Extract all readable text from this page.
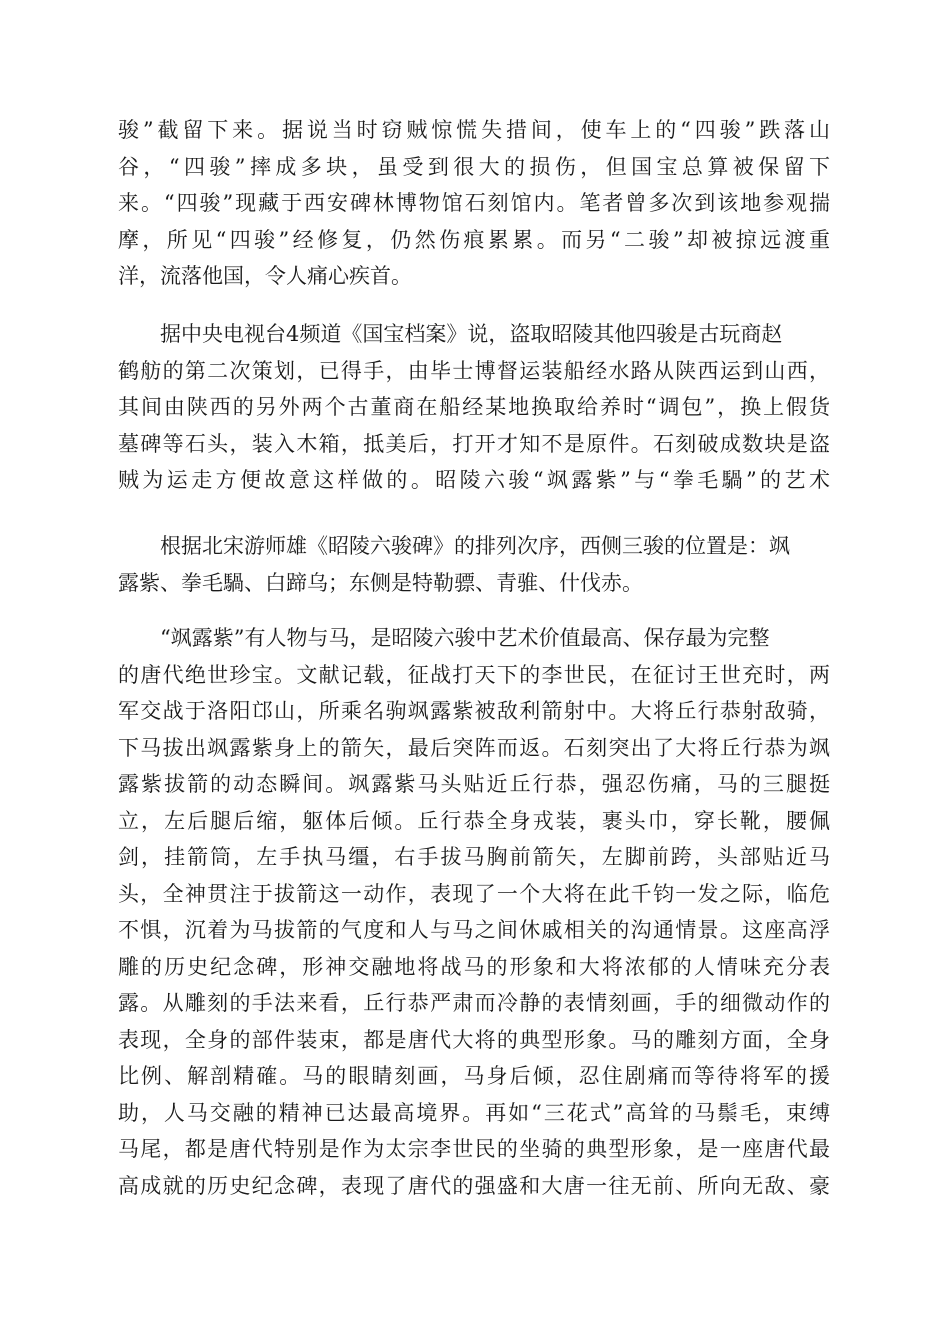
骏”截留下来。据说当时窃贼惊慌失措间，使车上的“四骏”跌落山
谷，“四骏”摔成多块，虽受到很大的损伤，但国宝总算被保留下
来。“四骏”现藏于西安碑林博物馆石刻馆内。笔者曾多次到该地参观揣
摩，所见“四骏”经修复，仍然伤痕累累。而另“二骏”却被掠远渡重
洋，流落他国，令人痛心疾首。
据中央电视台4频道《国宝档案》说，盗取昭陵其他四骏是古玩商赵
鹤舫的第二次策划，已得手，由毕士博督运装船经水路从陕西运到山西，
其间由陕西的另外两个古董商在船经某地换取给养时“调包”，换上假货
墓碑等石头，装入木箱，抵美后，打开才知不是原件。石刻破成数块是盗
贼为运走方便故意这样做的。昭陵六骏“飒露紫”与“拳毛騧”的艺术
根据北宋游师雄《昭陵六骏碑》的排列次序，西侧三骏的位置是：飒
露紫、拳毛騧、白蹄乌；东侧是特勒骠、青骓、什伐赤。
“飒露紫”有人物与马，是昭陵六骏中艺术价值最高、保存最为完整
的唐代绝世珍宝。文献记载，征战打天下的李世民，在征讨王世充时，两
军交战于洛阳邙山，所乘名驹飒露紫被敌利箭射中。大将丘行恭射敌骑，
下马拔出飒露紫身上的箭矢，最后突阵而返。石刻突出了大将丘行恭为飒
露紫拔箭的动态瞬间。飒露紫马头贴近丘行恭，强忍伤痛，马的三腿挺
立，左后腿后缩，躯体后倾。丘行恭全身戎装，裹头巾，穿长靴，腰佩
剑，挂箭筒，左手执马缰，右手拔马胸前箭矢，左脚前跨，头部贴近马
头，全神贯注于拔箭这一动作，表现了一个大将在此千钧一发之际，临危
不惧，沉着为马拔箭的气度和人与马之间休戚相关的沟通情景。这座高浮
雕的历史纪念碑，形神交融地将战马的形象和大将浓郁的人情味充分表
露。从雕刻的手法来看，丘行恭严肃而冷静的表情刻画，手的细微动作的
表现，全身的部件装束，都是唐代大将的典型形象。马的雕刻方面，全身
比例、解剖精確。马的眼睛刻画，马身后倾，忍住剧痛而等待将军的援
助，人马交融的精神已达最高境界。再如“三花式”高耸的马鬃毛，束缚
马尾，都是唐代特别是作为太宗李世民的坐骑的典型形象，是一座唐代最
高成就的历史纪念碑，表现了唐代的强盛和大唐一往无前、所向无敌、豪
